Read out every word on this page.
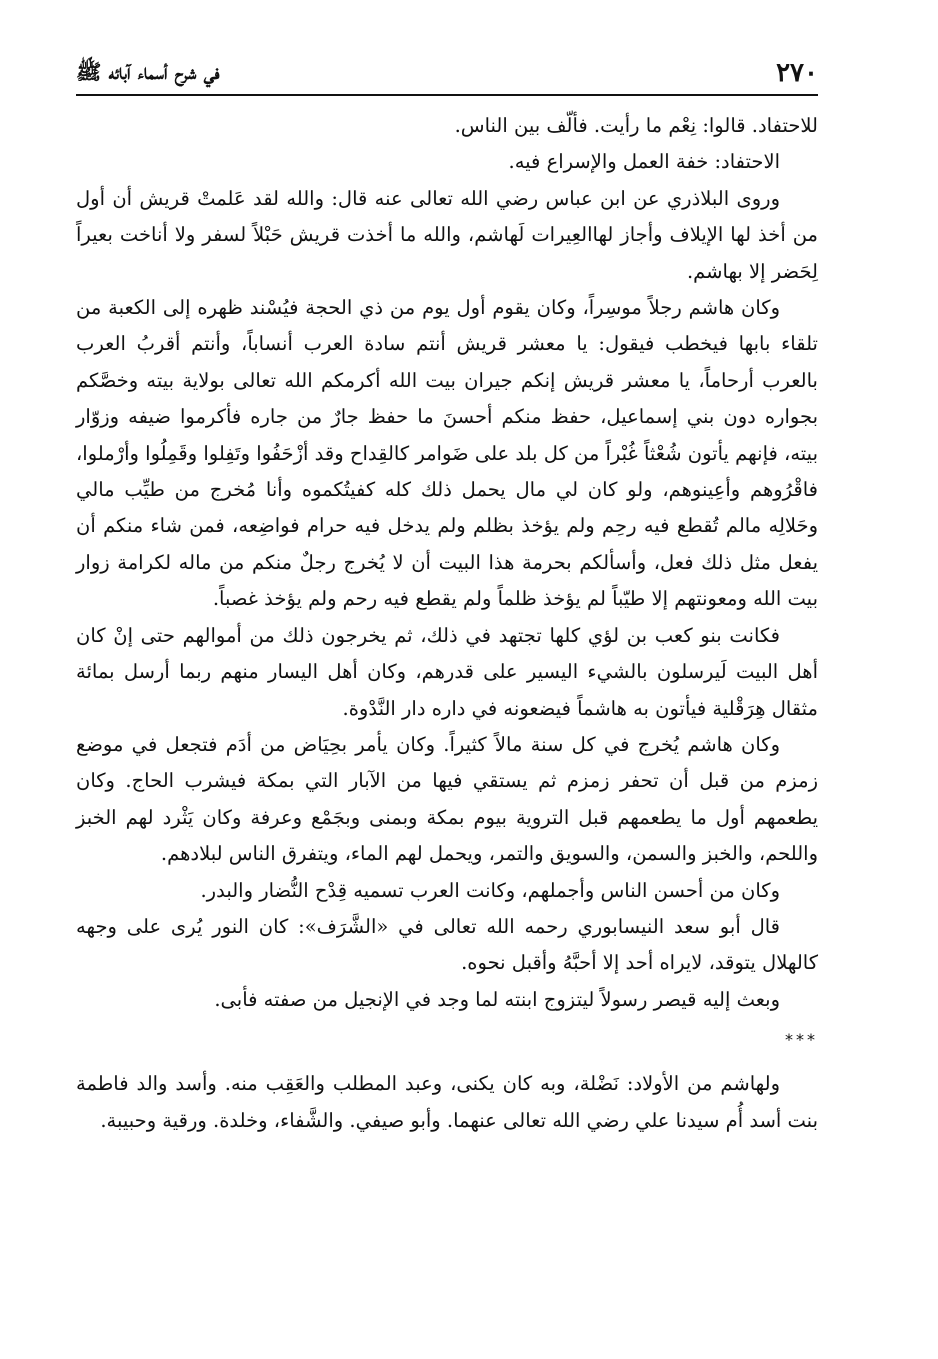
٢٧٠
في شرح أسماء آبائه ﷺ

للاحتفاد. قالوا: نِعْم ما رأيت. فألّف بين الناس.

الاحتفاد: خفة العمل والإسراع فيه.

وروى البلاذري عن ابن عباس رضي الله تعالى عنه قال: والله لقد عَلمتْ قريش أن أول من أخذ لها الإيلاف وأجاز لهاالعِيرات لَهاشم، والله ما أخذت قريش حَبْلاً لسفر ولا أناخت بعيراً لِحَضر إلا بهاشم.

وكان هاشم رجلاً موسِراً، وكان يقوم أول يوم من ذي الحجة فيُسْند ظهره إلى الكعبة من تلقاء بابها فيخطب فيقول: يا معشر قريش أنتم سادة العرب أنساباً، وأنتم أقربُ العرب بالعرب أرحاماً، يا معشر قريش إنكم جيران بيت الله أكرمكم الله تعالى بولاية بيته وخصَّكم بجواره دون بني إسماعيل، حفظ منكم أحسنَ ما حفظ جارٌ من جاره فأكرموا ضيفه وزوّار بيته، فإنهم يأتون شُعْثاً غُبْراً من كل بلد على ضَوامر كالقِداح وقد أزْحَفُوا وتَفِلوا وقَمِلُوا وأرْملوا، فاقْرُوهم وأعِينوهم، ولو كان لي مال يحمل ذلك كله كفيتُكموه وأنا مُخرج من طيِّب مالي وحَلالِه مالم تُقطع فيه رحِم ولم يؤخذ بظلم ولم يدخل فيه حرام فواضِعه، فمن شاء منكم أن يفعل مثل ذلك فعل، وأسألكم بحرمة هذا البيت أن لا يُخرج رجلٌ منكم من ماله لكرامة زوار بيت الله ومعونتهم إلا طيّباً لم يؤخذ ظلماً ولم يقطع فيه رحم ولم يؤخذ غصباً.

فكانت بنو كعب بن لؤي كلها تجتهد في ذلك، ثم يخرجون ذلك من أموالهم حتى إنْ كان أهل البيت لَيرسلون بالشيء اليسير على قدرهم، وكان أهل اليسار منهم ربما أرسل بمائة مثقال هِرَقْلية فيأتون به هاشماً فيضعونه في داره دار النَّدْوة.

وكان هاشم يُخرج في كل سنة مالاً كثيراً. وكان يأمر بحِيَاض من أدَم فتجعل في موضع زمزم من قبل أن تحفر زمزم ثم يستقي فيها من الآبار التي بمكة فيشرب الحاج. وكان يطعمهم أول ما يطعمهم قبل التروية بيوم بمكة وبمنى وبجَمْع وعرفة وكان يَثْرد لهم الخبز واللحم، والخبز والسمن، والسويق والتمر، ويحمل لهم الماء، ويتفرق الناس لبلادهم.

وكان من أحسن الناس وأجملهم، وكانت العرب تسميه قِدْح النُّضار والبدر.

قال أبو سعد النيسابوري رحمه الله تعالى في «الشَّرَف»: كان النور يُرى على وجهه كالهلال يتوقد، لايراه أحد إلا أحبَّهُ وأقبل نحوه.

وبعث إليه قيصر رسولاً ليتزوج ابنته لما وجد في الإنجيل من صفته فأبى.

***

ولهاشم من الأولاد: نَضْلة، وبه كان يكنى، وعبد المطلب والعَقِب منه. وأسد والد فاطمة بنت أسد أُم سيدنا علي رضي الله تعالى عنهما. وأبو صيفي. والشَّفاء، وخلدة. ورقية وحبيبة.
